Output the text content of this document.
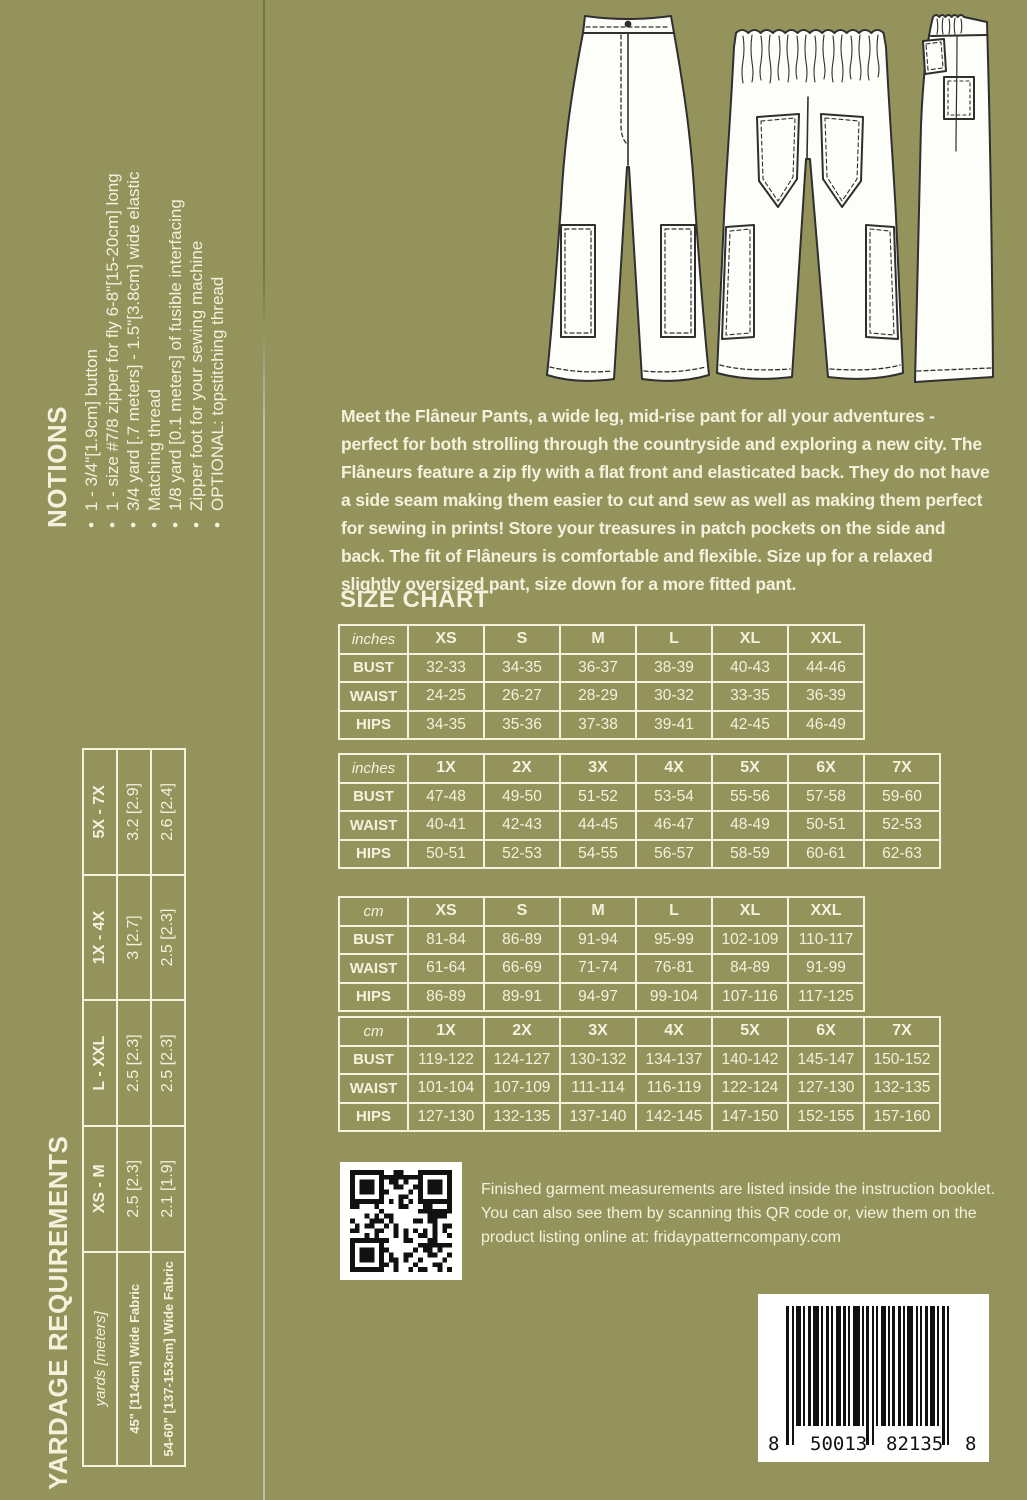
NOTIONS • 1 - 3/4"[1.9cm] button • 1 - size #7/8 zipper for fly 6-8"[15-20cm] long • 3/4 yard [.7 meters] - 1.5"[3.8cm] wide elastic • Matching thread • 1/8 yard [0.1 meters] of fusible interfacing • Zipper foot for your sewing machine • OPTIONAL: topstitching thread
YARDAGE REQUIREMENTS yards [meters]	XS - M	L - XXL	1X - 4X	5X - 7X
45" [114cm] Wide Fabric	2.5 [2.3]	2.5 [2.3]	3 [2.7]	3.2 [2.9]
54-60" [137-153cm] Wide Fabric	2.1 [1.9]	2.5 [2.3]	2.5 [2.3]	2.6 [2.4]

Meet the Flâneur Pants, a wide leg, mid-rise pant for all your adventures - perfect for both strolling through the countryside and exploring a new city. The Flâneurs feature a zip fly with a flat front and elasticated back. They do not have a side seam making them easier to cut and sew as well as making them perfect for sewing in prints! Store your treasures in patch pockets on the side and back. The fit of Flâneurs is comfortable and flexible. Size up for a relaxed slightly oversized pant, size down for a more fitted pant.

SIZE CHART
inches	XS	S	M	L	XL	XXL
BUST	32-33	34-35	36-37	38-39	40-43	44-46
WAIST	24-25	26-27	28-29	30-32	33-35	36-39
HIPS	34-35	35-36	37-38	39-41	42-45	46-49
inches	1X	2X	3X	4X	5X	6X	7X
BUST	47-48	49-50	51-52	53-54	55-56	57-58	59-60
WAIST	40-41	42-43	44-45	46-47	48-49	50-51	52-53
HIPS	50-51	52-53	54-55	56-57	58-59	60-61	62-63
cm	XS	S	M	L	XL	XXL
BUST	81-84	86-89	91-94	95-99	102-109	110-117
WAIST	61-64	66-69	71-74	76-81	84-89	91-99
HIPS	86-89	89-91	94-97	99-104	107-116	117-125
cm	1X	2X	3X	4X	5X	6X	7X
BUST	119-122	124-127	130-132	134-137	140-142	145-147	150-152
WAIST	101-104	107-109	111-114	116-119	122-124	127-130	132-135
HIPS	127-130	132-135	137-140	142-145	147-150	152-155	157-160

Finished garment measurements are listed inside the instruction booklet. You can also see them by scanning this QR code or, view them on the product listing online at: fridaypatterncompany.com

8 50013 82135 8
